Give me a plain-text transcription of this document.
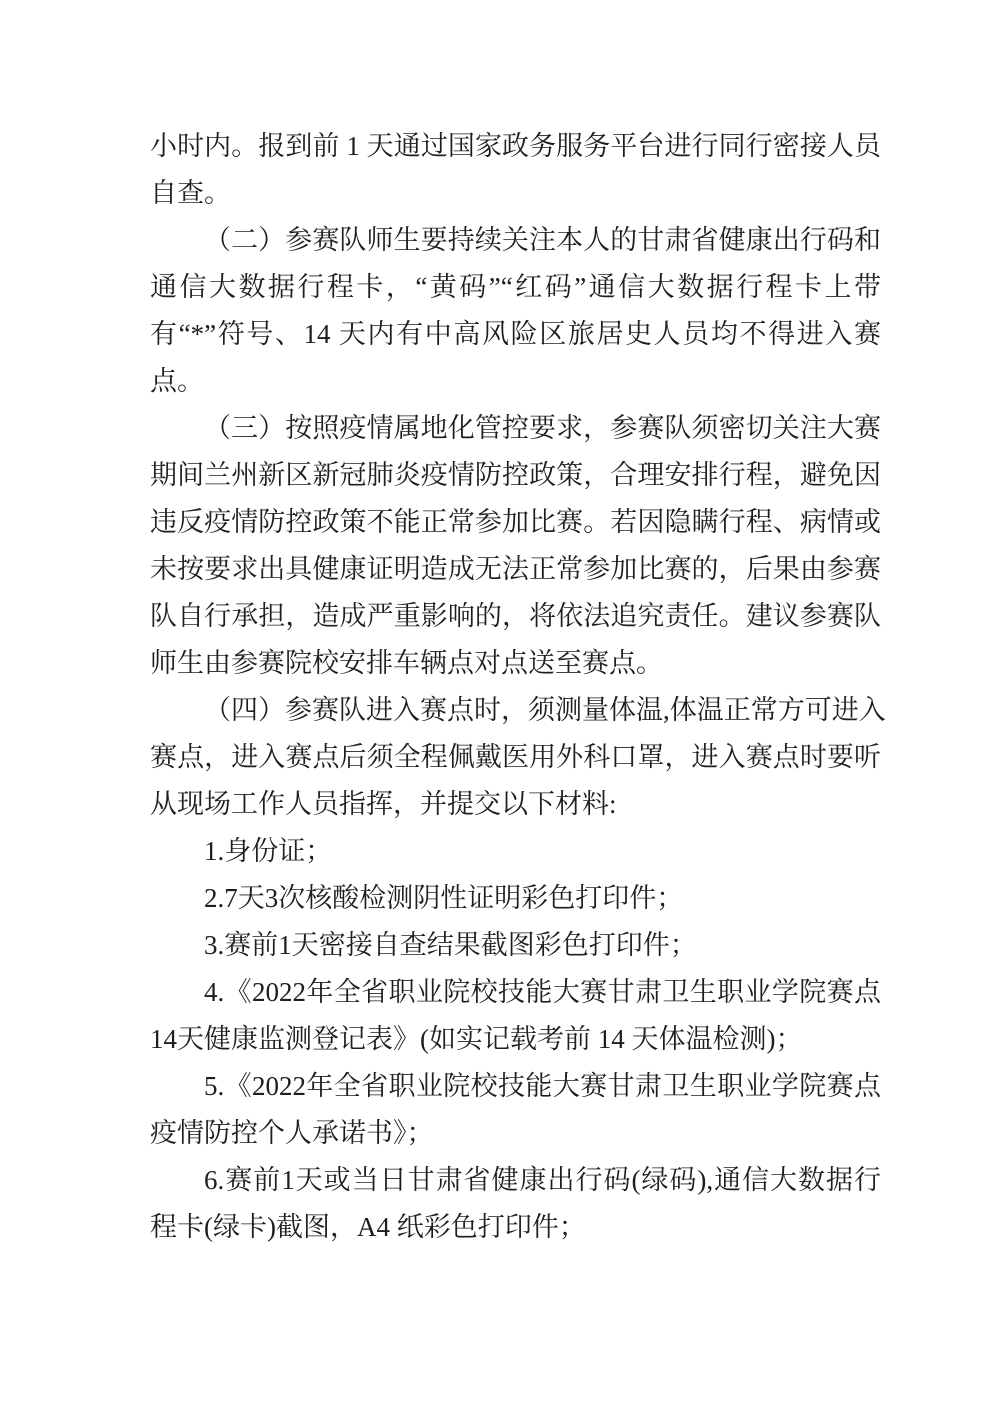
小时内。报到前 1 天通过国家政务服务平台进行同行密接人员
自查。
（二）参赛队师生要持续关注本人的甘肃省健康出行码和
通信大数据行程卡，“黄码”“红码”通信大数据行程卡上带
有“*”符号、14 天内有中高风险区旅居史人员均不得进入赛
点。
（三）按照疫情属地化管控要求，参赛队须密切关注大赛
期间兰州新区新冠肺炎疫情防控政策，合理安排行程，避免因
违反疫情防控政策不能正常参加比赛。若因隐瞒行程、病情或
未按要求出具健康证明造成无法正常参加比赛的，后果由参赛
队自行承担，造成严重影响的，将依法追究责任。建议参赛队
师生由参赛院校安排车辆点对点送至赛点。
（四）参赛队进入赛点时，须测量体温,体温正常方可进入
赛点，进入赛点后须全程佩戴医用外科口罩，进入赛点时要听
从现场工作人员指挥，并提交以下材料:
1.身份证；
2.7天3次核酸检测阴性证明彩色打印件；
3.赛前1天密接自查结果截图彩色打印件；
4.《2022年全省职业院校技能大赛甘肃卫生职业学院赛点
14天健康监测登记表》(如实记载考前 14 天体温检测)；
5.《2022年全省职业院校技能大赛甘肃卫生职业学院赛点
疫情防控个人承诺书》；
6.赛前1天或当日甘肃省健康出行码(绿码),通信大数据行
程卡(绿卡)截图，A4 纸彩色打印件；
